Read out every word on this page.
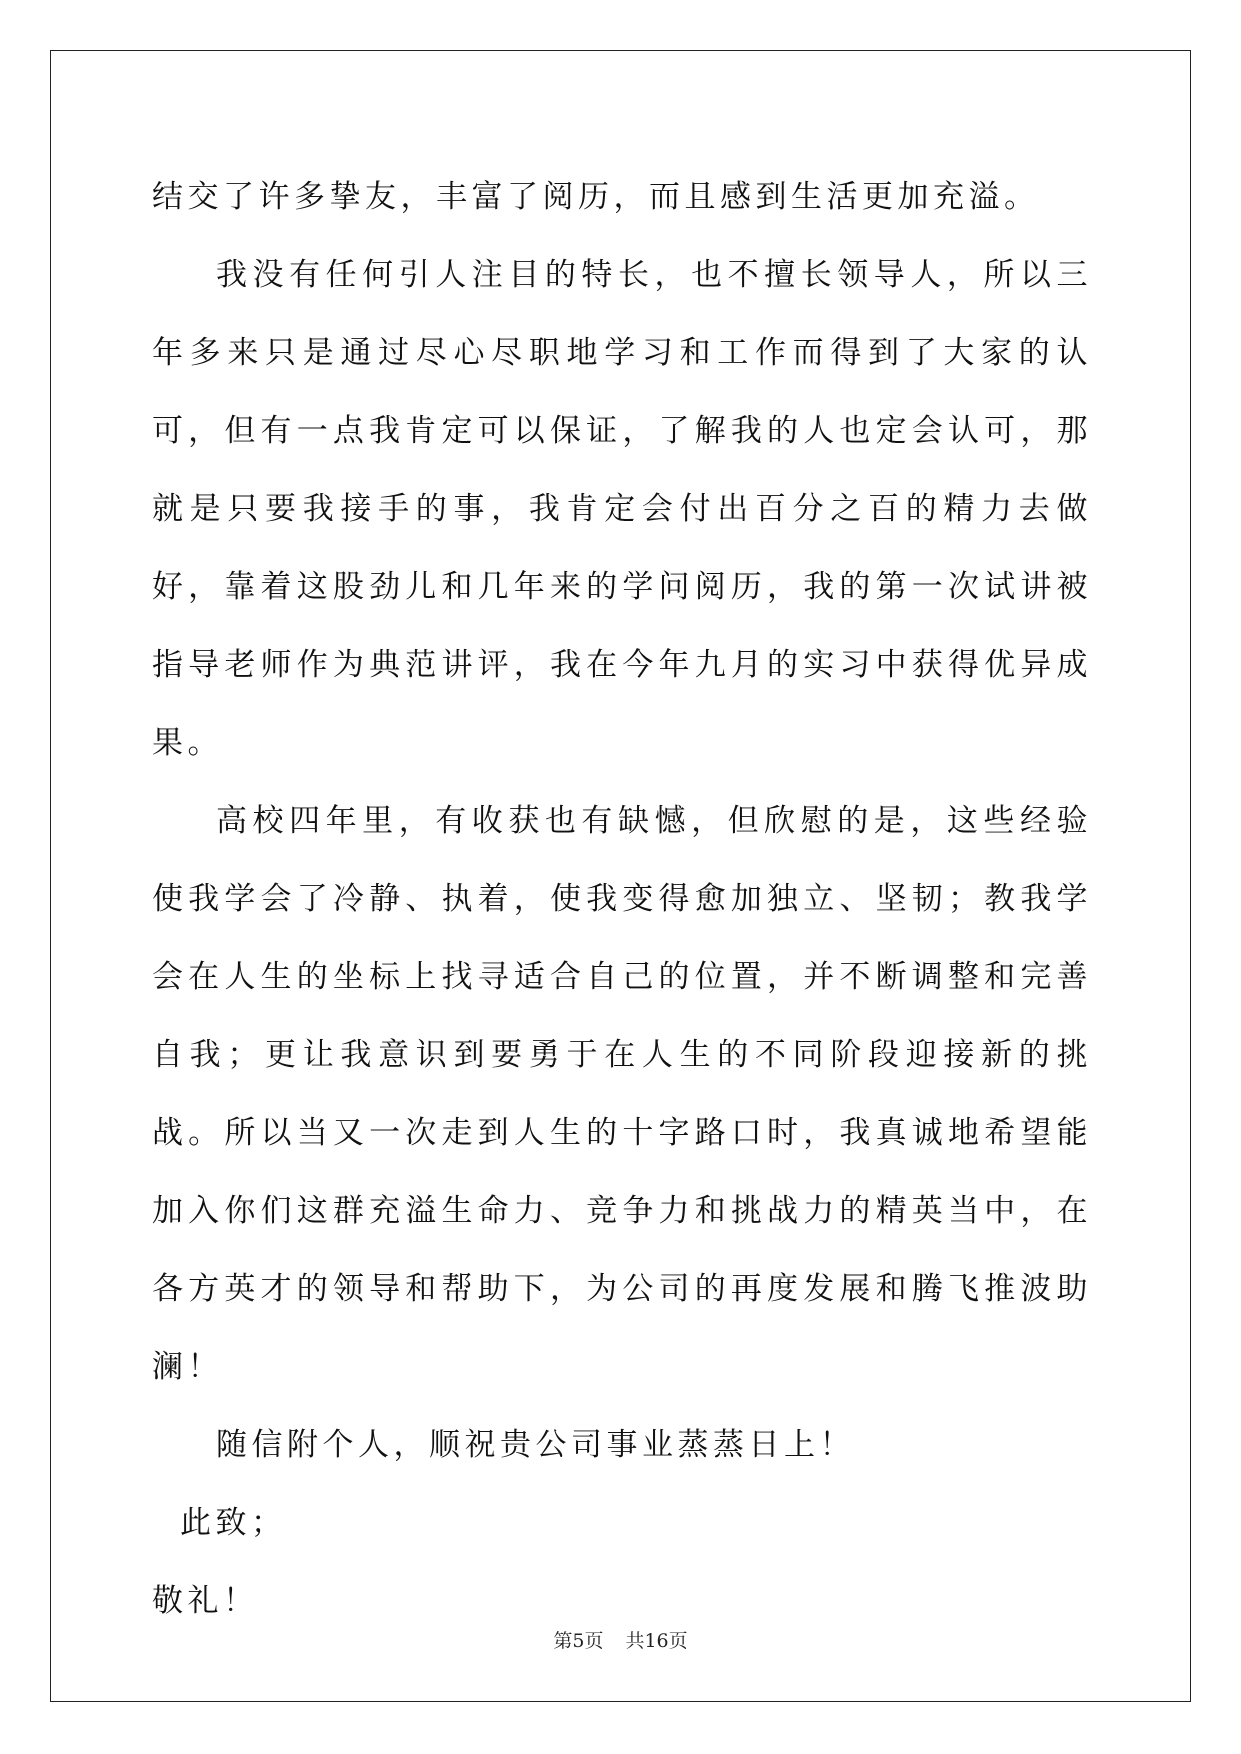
结交了许多挚友，丰富了阅历，而且感到生活更加充溢。

我没有任何引人注目的特长，也不擅长领导人，所以三年多来只是通过尽心尽职地学习和工作而得到了大家的认可，但有一点我肯定可以保证，了解我的人也定会认可，那就是只要我接手的事，我肯定会付出百分之百的精力去做好，靠着这股劲儿和几年来的学问阅历，我的第一次试讲被指导老师作为典范讲评，我在今年九月的实习中获得优异成果。

高校四年里，有收获也有缺憾，但欣慰的是，这些经验使我学会了冷静、执着，使我变得愈加独立、坚韧；教我学会在人生的坐标上找寻适合自己的位置，并不断调整和完善自我；更让我意识到要勇于在人生的不同阶段迎接新的挑战。所以当又一次走到人生的十字路口时，我真诚地希望能加入你们这群充溢生命力、竞争力和挑战力的精英当中，在各方英才的领导和帮助下，为公司的再度发展和腾飞推波助澜！

随信附个人，顺祝贵公司事业蒸蒸日上！

此致；

敬礼！

第5页 共16页
